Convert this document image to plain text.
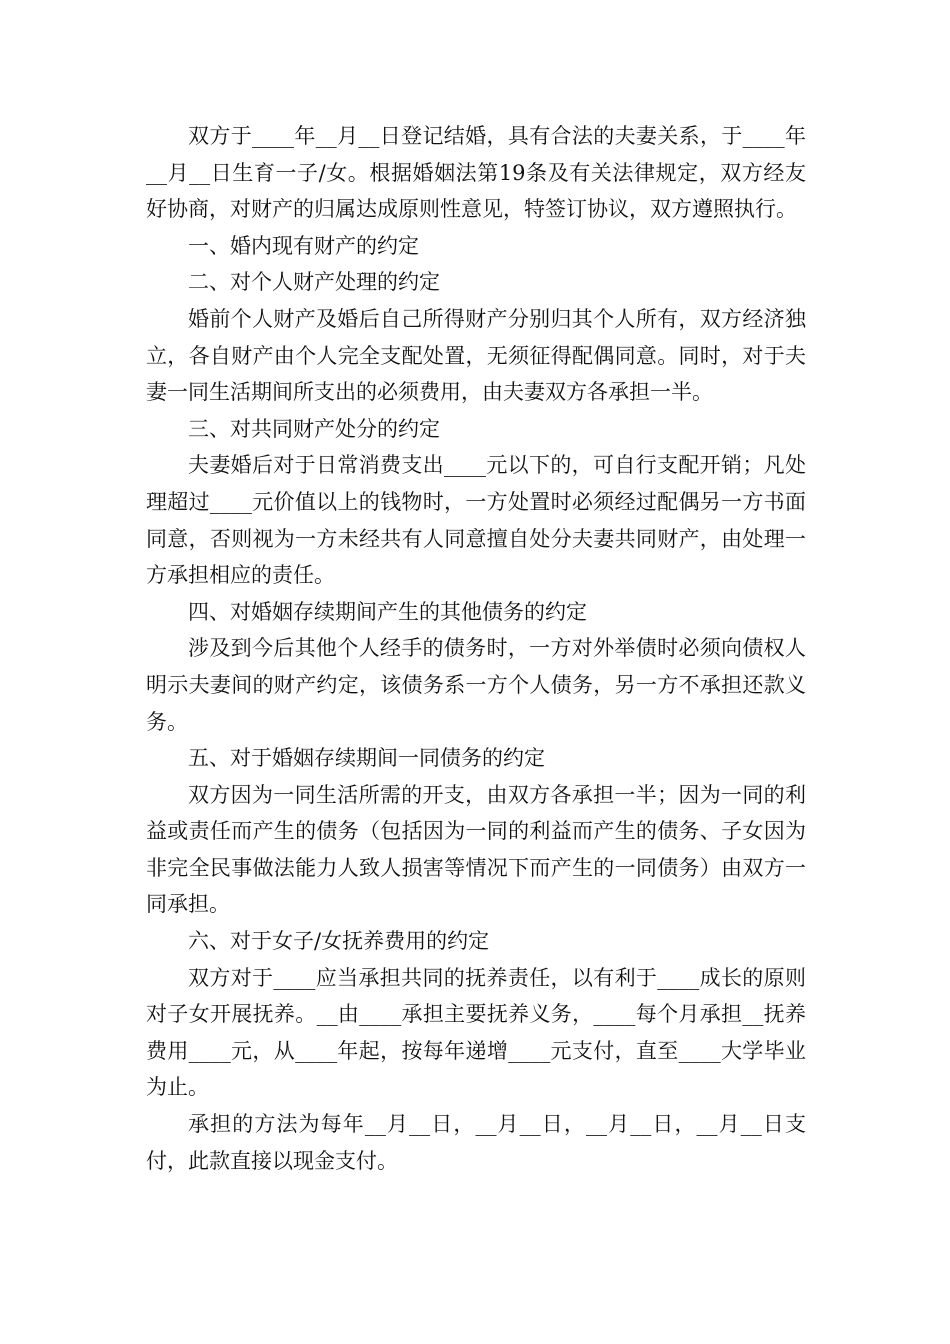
双方于____年__月__日登记结婚，具有合法的夫妻关系，于____年__月__日生育一子/女。根据婚姻法第19条及有关法律规定，双方经友好协商，对财产的归属达成原则性意见，特签订协议，双方遵照执行。

一、婚内现有财产的约定

二、对个人财产处理的约定

婚前个人财产及婚后自己所得财产分别归其个人所有，双方经济独立，各自财产由个人完全支配处置，无须征得配偶同意。同时，对于夫妻一同生活期间所支出的必须费用，由夫妻双方各承担一半。

三、对共同财产处分的约定

夫妻婚后对于日常消费支出____元以下的，可自行支配开销；凡处理超过____元价值以上的钱物时，一方处置时必须经过配偶另一方书面同意，否则视为一方未经共有人同意擅自处分夫妻共同财产，由处理一方承担相应的责任。

四、对婚姻存续期间产生的其他债务的约定

涉及到今后其他个人经手的债务时，一方对外举债时必须向债权人明示夫妻间的财产约定，该债务系一方个人债务，另一方不承担还款义务。

五、对于婚姻存续期间一同债务的约定

双方因为一同生活所需的开支，由双方各承担一半；因为一同的利益或责任而产生的债务（包括因为一同的利益而产生的债务、子女因为非完全民事做法能力人致人损害等情况下而产生的一同债务）由双方一同承担。

六、对于女子/女抚养费用的约定

双方对于____应当承担共同的抚养责任，以有利于____成长的原则对子女开展抚养。__由____承担主要抚养义务，____每个月承担__抚养费用____元，从____年起，按每年递增____元支付，直至____大学毕业为止。

承担的方法为每年__月__日，__月__日，__月__日，__月__日支付，此款直接以现金支付。
